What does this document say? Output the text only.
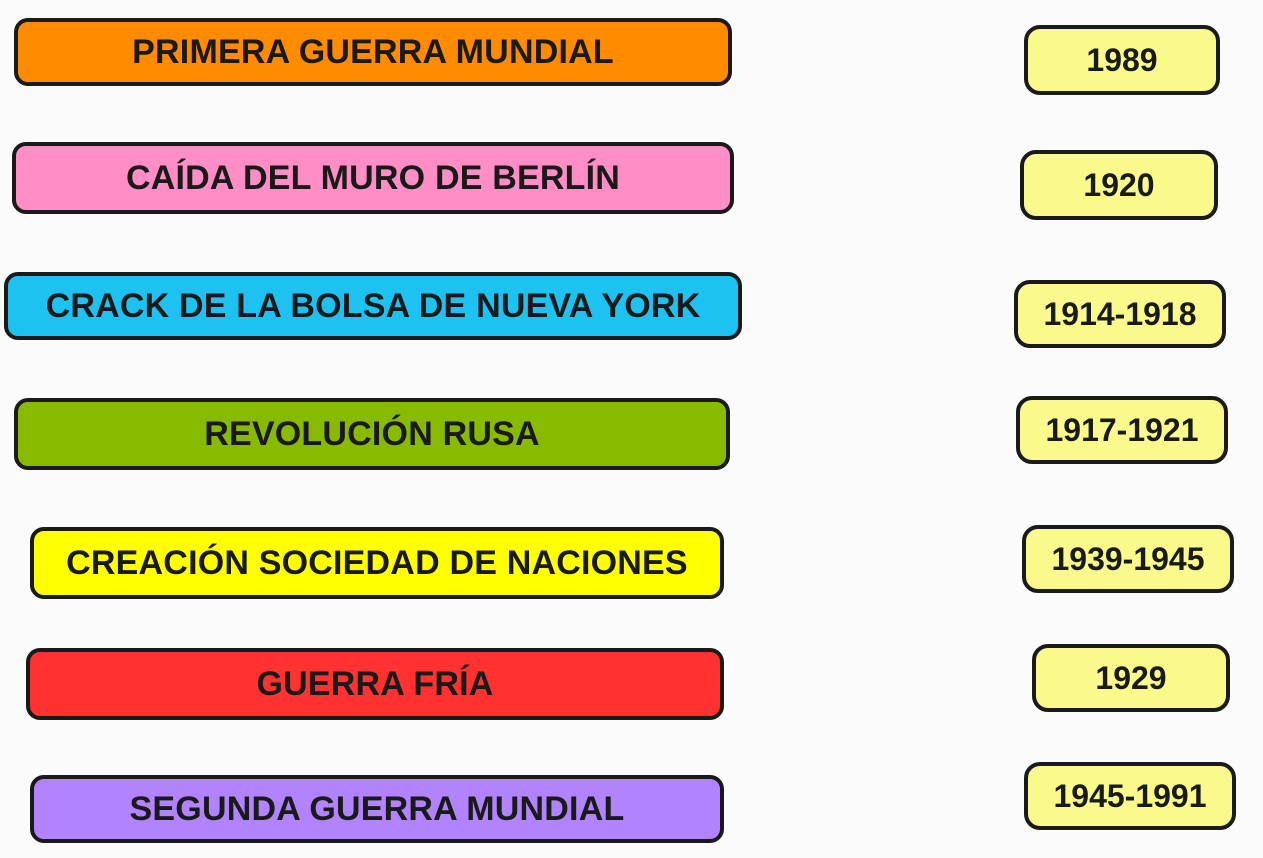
PRIMERA GUERRA MUNDIAL
CAÍDA DEL MURO DE BERLÍN
CRACK DE LA BOLSA DE NUEVA YORK
REVOLUCIÓN RUSA
CREACIÓN SOCIEDAD DE NACIONES
GUERRA FRÍA
SEGUNDA GUERRA MUNDIAL
1989
1920
1914-1918
1917-1921
1939-1945
1929
1945-1991
